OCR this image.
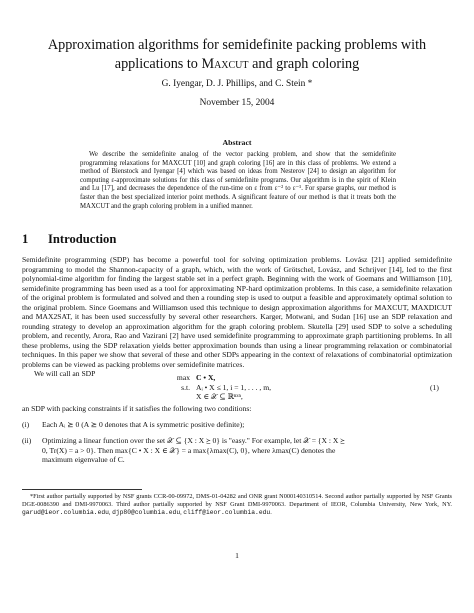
Approximation algorithms for semidefinite packing problems with
applications to Maxcut and graph coloring
G. Iyengar, D. J. Phillips, and C. Stein *
November 15, 2004
Abstract

We describe the semidefinite analog of the vector packing problem, and show that the semidefinite programming relaxations for MAXCUT [10] and graph coloring [16] are in this class of problems. We extend a method of Bienstock and Iyengar [4] which was based on ideas from Nesterov [24] to design an algorithm for computing ε-approximate solutions for this class of semidefinite programs. Our algorithm is in the spirit of Klein and Lu [17], and decreases the dependence of the run-time on ε from ε⁻² to ε⁻¹. For sparse graphs, our method is faster than the best specialized interior point methods. A significant feature of our method is that it treats both the MAXCUT and the graph coloring problem in a unified manner.

1 Introduction

Semidefinite programming (SDP) has become a powerful tool for solving optimization problems. Lovász [21] applied semidefinite programming to model the Shannon-capacity of a graph, which, with the work of Grötschel, Lovász, and Schrijver [14], led to the first polynomial-time algorithm for finding the largest stable set in a perfect graph. Beginning with the work of Goemans and Williamson [10], semidefinite programming has been used as a tool for approximating NP-hard optimization problems. In this case, a semidefinite relaxation of the original problem is formulated and solved and then a rounding step is used to output a feasible and approximately optimal solution to the original problem. Since Goemans and Williamson used this technique to design approximation algorithms for MAXCUT, MAXDICUT and MAX2SAT, it has been used successfully by several other researchers. Karger, Motwani, and Sudan [16] use an SDP relaxation and rounding strategy to develop an approximation algorithm for the graph coloring problem. Skutella [29] used SDP to solve a scheduling problem, and recently, Arora, Rao and Vazirani [2] have used semidefinite programming to approximate graph partitioning problems. In all these problems, using the SDP relaxation yields better approximation bounds than using a linear programming relaxation or combinatorial techniques. In this paper we show that several of these and other SDPs appearing in the context of relaxations of combinatorial optimization problems can be viewed as packing problems over semidefinite matrices.

We will call an SDP	max C • X,
s.t. Aᵢ • X ≤ 1, i = 1, . . . , m,
X ∈ 𝒳 ⊆ ℝⁿˣⁿ,
(1)
an SDP with packing constraints if it satisfies the following two conditions:
(i) Each Aᵢ ⪰ 0 (A ⪰ 0 denotes that A is symmetric positive definite);
(ii) Optimizing a linear function over the set 𝒳 ⊆ {X : X ⪰ 0} is "easy." For example, let 𝒳 = {X : X ⪰
0, Tr(X) = a > 0}. Then max{C • X : X ∈ 𝒳} = a max{λmax(C), 0}, where λmax(C) denotes the
maximum eigenvalue of C.

*First author partially supported by NSF grants CCR-00-09972, DMS-01-04282 and ONR grant N000140310514. Second author partially supported by NSF Grants DGE-0086390 and DMI-9970063. Third author partially supported by NSF Grant DMI-9970063. Department of IEOR, Columbia University, New York, NY. garud@ieor.columbia.edu, djp80@columbia.edu, cliff@ieor.columbia.edu.

1
